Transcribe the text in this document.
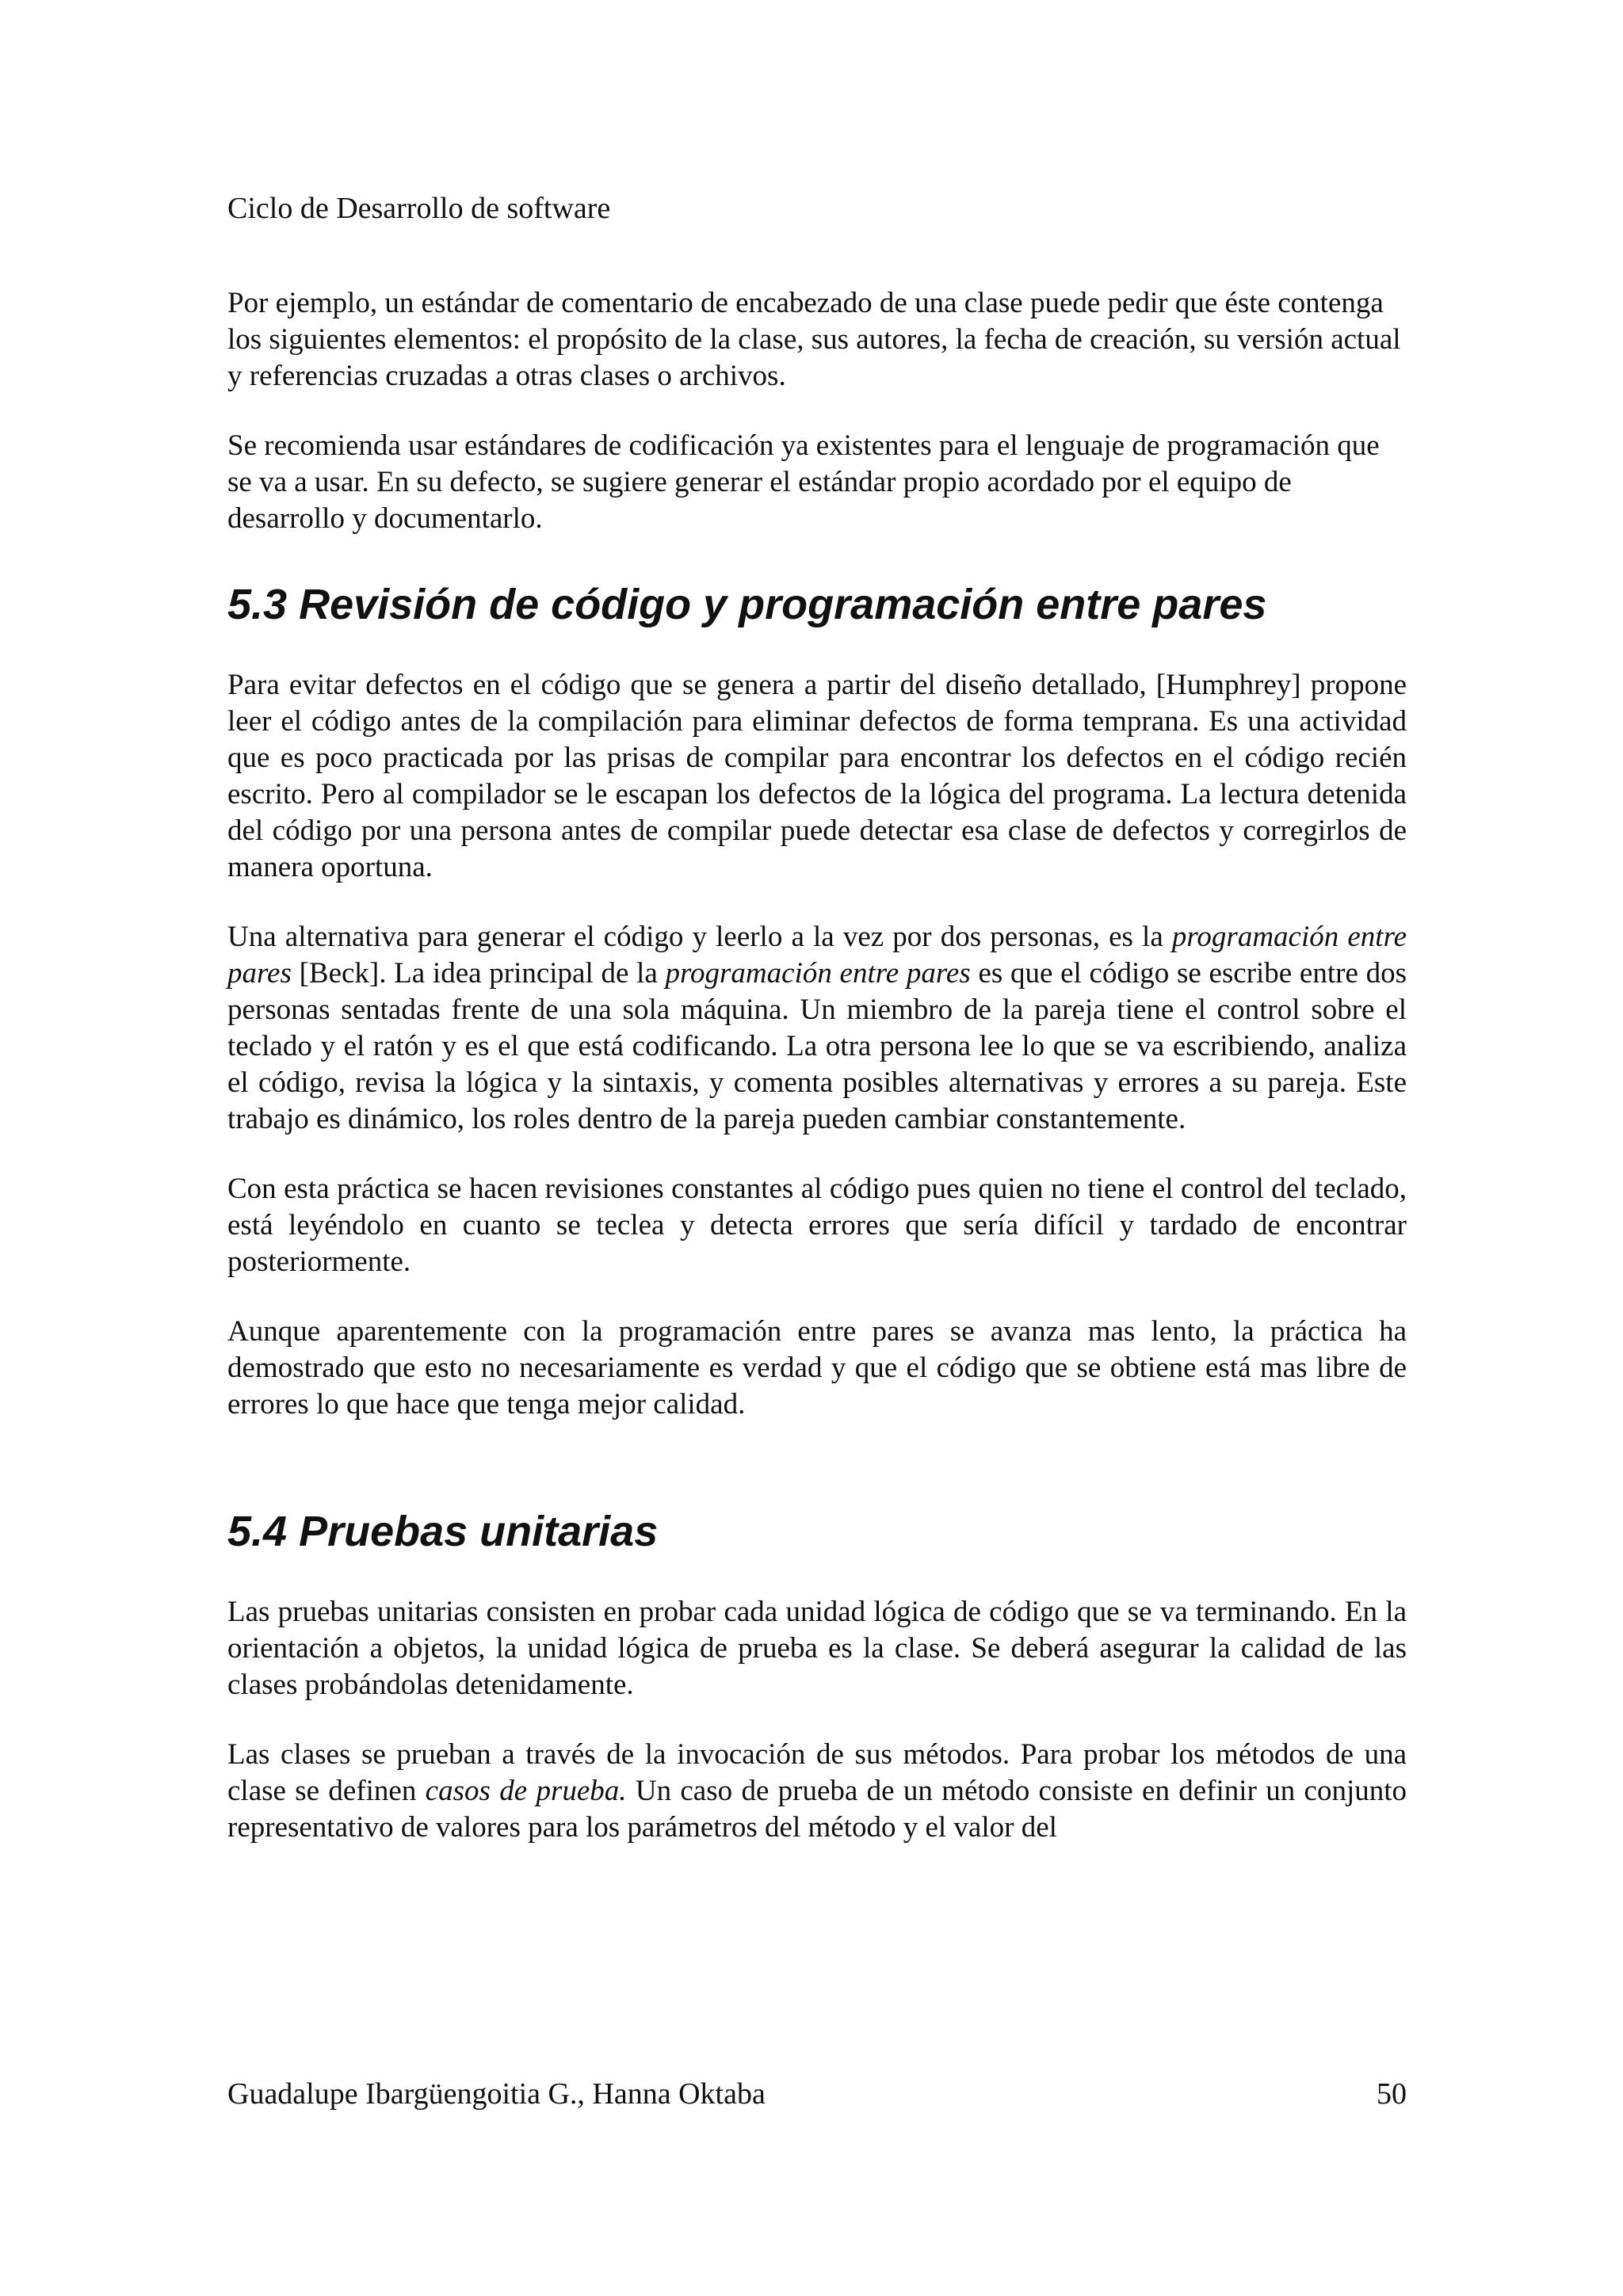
Ciclo de Desarrollo de software

Por ejemplo, un estándar de comentario de encabezado de una clase puede pedir que éste contenga los siguientes elementos: el propósito de la clase, sus autores, la fecha de creación, su versión actual y referencias cruzadas a otras clases o archivos.

Se recomienda usar estándares de codificación ya existentes para el lenguaje de programación que se va a usar. En su defecto, se sugiere generar el estándar propio acordado por el equipo de desarrollo y documentarlo.

5.3 Revisión de código y programación entre pares

Para evitar defectos en el código que se genera a partir del diseño detallado, [Humphrey] propone leer el código antes de la compilación para eliminar defectos de forma temprana. Es una actividad que es poco practicada por las prisas de compilar para encontrar los defectos en el código recién escrito. Pero al compilador se le escapan los defectos de la lógica del programa. La lectura detenida del código por una persona antes de compilar puede detectar esa clase de defectos y corregirlos de manera oportuna.

Una alternativa para generar el código y leerlo a la vez por dos personas, es la programación entre pares [Beck]. La idea principal de la programación entre pares es que el código se escribe entre dos personas sentadas frente de una sola máquina. Un miembro de la pareja tiene el control sobre el teclado y el ratón y es el que está codificando. La otra persona lee lo que se va escribiendo, analiza el código, revisa la lógica y la sintaxis, y comenta posibles alternativas y errores a su pareja. Este trabajo es dinámico, los roles dentro de la pareja pueden cambiar constantemente.

Con esta práctica se hacen revisiones constantes al código pues quien no tiene el control del teclado, está leyéndolo en cuanto se teclea y detecta errores que sería difícil y tardado de encontrar posteriormente.

Aunque aparentemente con la programación entre pares se avanza mas lento, la práctica ha demostrado que esto no necesariamente es verdad y que el código que se obtiene está mas libre de errores lo que hace que tenga mejor calidad.

5.4 Pruebas unitarias

Las pruebas unitarias consisten en probar cada unidad lógica de código que se va terminando. En la orientación a objetos, la unidad lógica de prueba es la clase. Se deberá asegurar la calidad de las clases probándolas detenidamente.

Las clases se prueban a través de la invocación de sus métodos. Para probar los métodos de una clase se definen casos de prueba. Un caso de prueba de un método consiste en definir un conjunto representativo de valores para los parámetros del método y el valor del

Guadalupe Ibargüengoitia G., Hanna Oktaba	50
